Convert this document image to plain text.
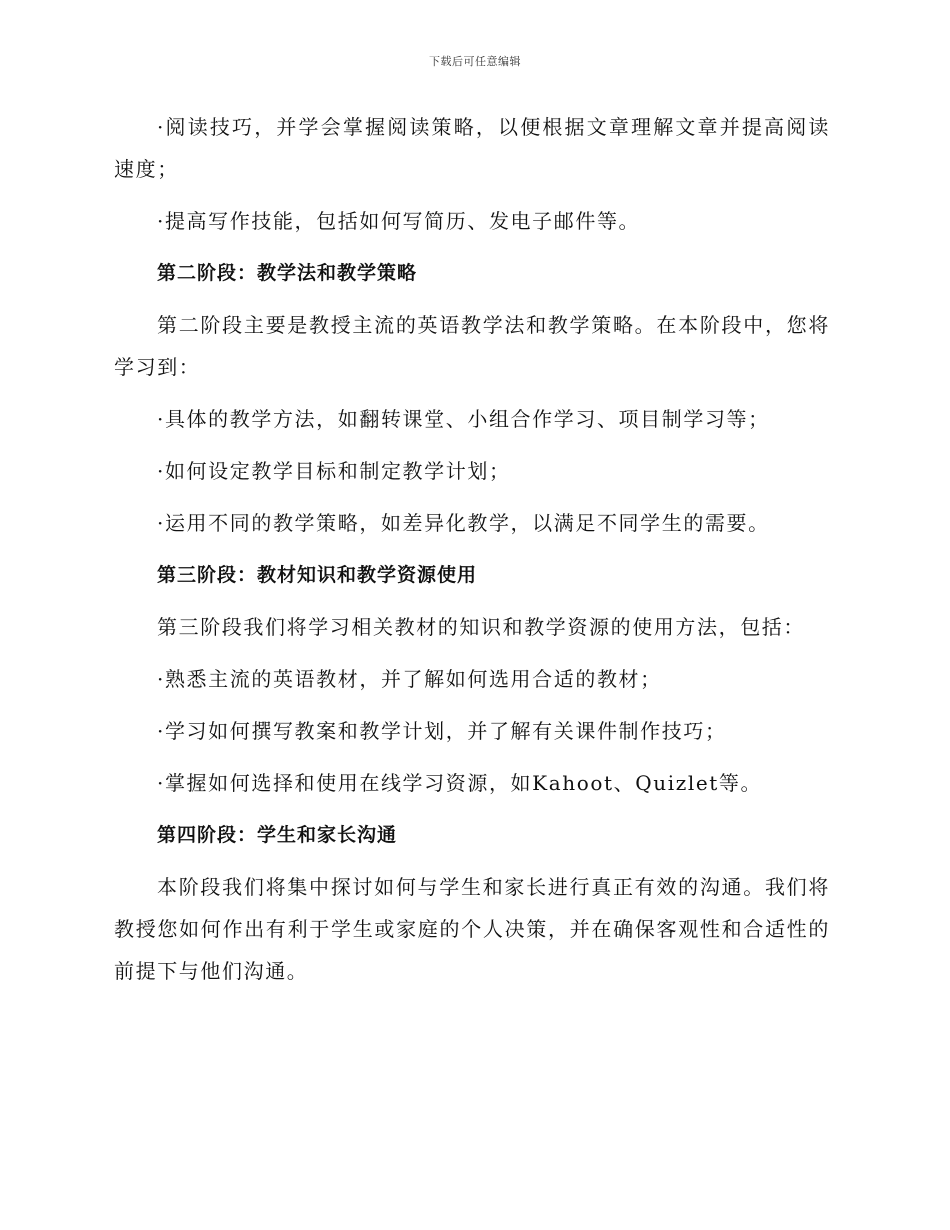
下载后可任意编辑

·阅读技巧，并学会掌握阅读策略，以便根据文章理解文章并提高阅读速度；

·提高写作技能，包括如何写简历、发电子邮件等。

第二阶段：教学法和教学策略

第二阶段主要是教授主流的英语教学法和教学策略。在本阶段中，您将学习到：

·具体的教学方法，如翻转课堂、小组合作学习、项目制学习等；

·如何设定教学目标和制定教学计划；

·运用不同的教学策略，如差异化教学，以满足不同学生的需要。

第三阶段：教材知识和教学资源使用

第三阶段我们将学习相关教材的知识和教学资源的使用方法，包括：

·熟悉主流的英语教材，并了解如何选用合适的教材；

·学习如何撰写教案和教学计划，并了解有关课件制作技巧；

·掌握如何选择和使用在线学习资源，如Kahoot、Quizlet等。

第四阶段：学生和家长沟通

本阶段我们将集中探讨如何与学生和家长进行真正有效的沟通。我们将教授您如何作出有利于学生或家庭的个人决策，并在确保客观性和合适性的前提下与他们沟通。
